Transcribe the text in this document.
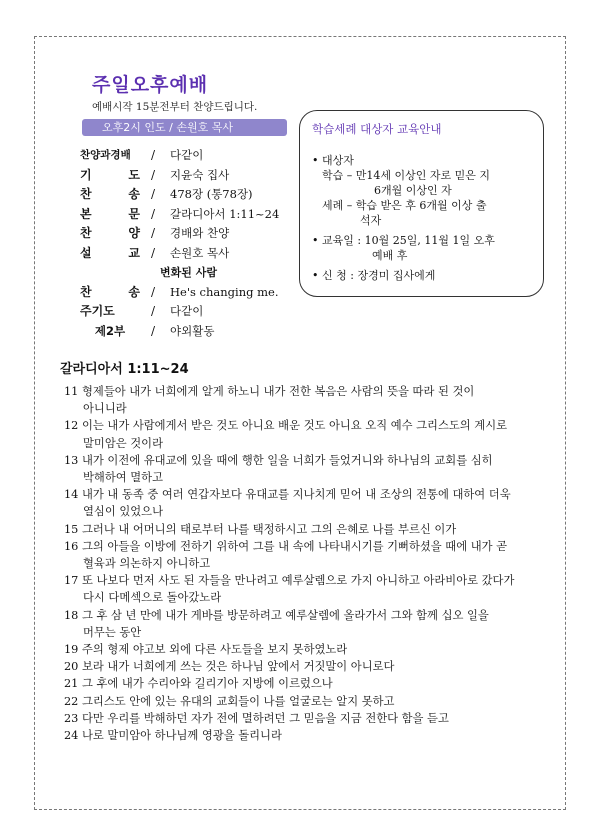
주일오후예배
예배시작 15분전부터 찬양드립니다.
오후2시 인도 / 손원호 목사
찬양과경배	/ 다같이
기 도 / 지윤숙 집사
찬 송 / 478장 (통78장)
본 문 / 갈라디아서 1:11~24
찬 양 / 경배와 찬양
설 교 / 손원호 목사
변화된 사람
찬 송 / He's changing me.
주기도	/ 다같이
제2부	/ 야외활동
학습세례 대상자 교육안내
• 대상자
학습 – 만14세 이상인 자로 믿은 지
6개월 이상인 자
세례 – 학습 받은 후 6개월 이상 출
석자
• 교육일 : 10월 25일, 11월 1일 오후
예배 후
• 신 청 : 장경미 집사에게
갈라디아서 1:11~24
11 형제들아 내가 너희에게 알게 하노니 내가 전한 복음은 사람의 뜻을 따라 된 것이
아니니라
12 이는 내가 사람에게서 받은 것도 아니요 배운 것도 아니요 오직 예수 그리스도의 계시로
말미암은 것이라
13 내가 이전에 유대교에 있을 때에 행한 일을 너희가 들었거니와 하나님의 교회를 심히
박해하여 멸하고
14 내가 내 동족 중 여러 연갑자보다 유대교를 지나치게 믿어 내 조상의 전통에 대하여 더욱
열심이 있었으나
15 그러나 내 어머니의 태로부터 나를 택정하시고 그의 은혜로 나를 부르신 이가
16 그의 아들을 이방에 전하기 위하여 그를 내 속에 나타내시기를 기뻐하셨을 때에 내가 곧
혈육과 의논하지 아니하고
17 또 나보다 먼저 사도 된 자들을 만나려고 예루살렘으로 가지 아니하고 아라비아로 갔다가
다시 다메섹으로 돌아갔노라
18 그 후 삼 년 만에 내가 게바를 방문하려고 예루살렘에 올라가서 그와 함께 십오 일을
머무는 동안
19 주의 형제 야고보 외에 다른 사도들을 보지 못하였노라
20 보라 내가 너희에게 쓰는 것은 하나님 앞에서 거짓말이 아니로다
21 그 후에 내가 수리아와 길리기아 지방에 이르렀으나
22 그리스도 안에 있는 유대의 교회들이 나를 얼굴로는 알지 못하고
23 다만 우리를 박해하던 자가 전에 멸하려던 그 믿음을 지금 전한다 함을 듣고
24 나로 말미암아 하나님께 영광을 돌리니라
